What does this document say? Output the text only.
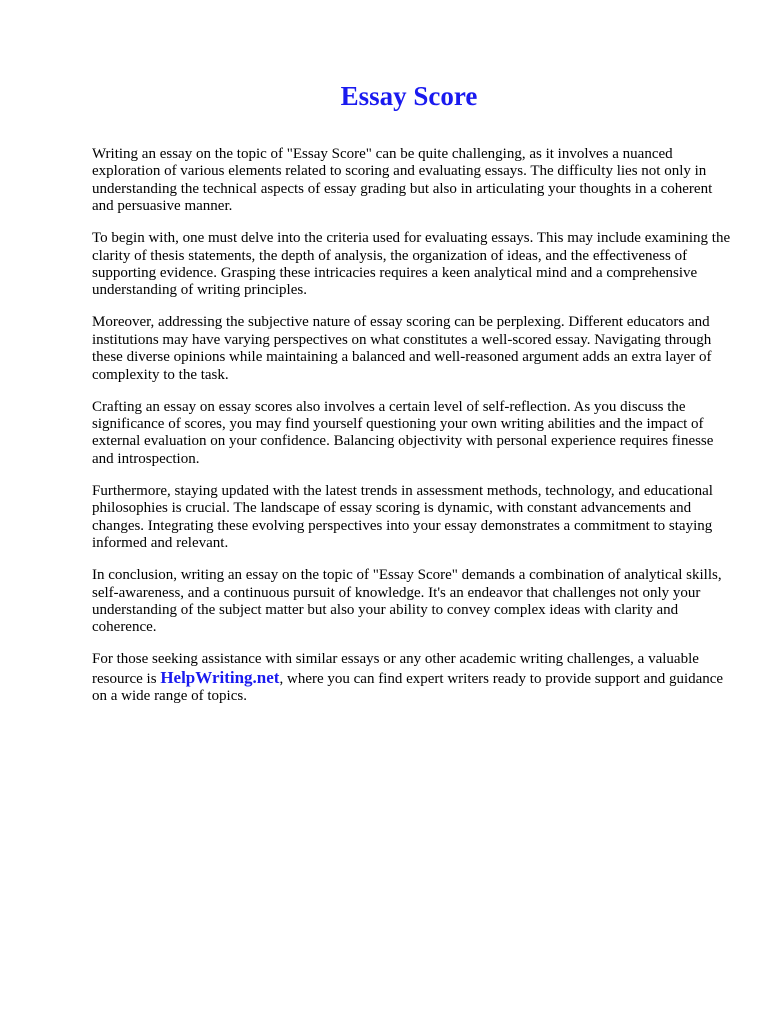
Essay Score

Writing an essay on the topic of "Essay Score" can be quite challenging, as it involves a nuanced exploration of various elements related to scoring and evaluating essays. The difficulty lies not only in understanding the technical aspects of essay grading but also in articulating your thoughts in a coherent and persuasive manner.

To begin with, one must delve into the criteria used for evaluating essays. This may include examining the clarity of thesis statements, the depth of analysis, the organization of ideas, and the effectiveness of supporting evidence. Grasping these intricacies requires a keen analytical mind and a comprehensive understanding of writing principles.

Moreover, addressing the subjective nature of essay scoring can be perplexing. Different educators and institutions may have varying perspectives on what constitutes a well-scored essay. Navigating through these diverse opinions while maintaining a balanced and well-reasoned argument adds an extra layer of complexity to the task.

Crafting an essay on essay scores also involves a certain level of self-reflection. As you discuss the significance of scores, you may find yourself questioning your own writing abilities and the impact of external evaluation on your confidence. Balancing objectivity with personal experience requires finesse and introspection.

Furthermore, staying updated with the latest trends in assessment methods, technology, and educational philosophies is crucial. The landscape of essay scoring is dynamic, with constant advancements and changes. Integrating these evolving perspectives into your essay demonstrates a commitment to staying informed and relevant.

In conclusion, writing an essay on the topic of "Essay Score" demands a combination of analytical skills, self-awareness, and a continuous pursuit of knowledge. It's an endeavor that challenges not only your understanding of the subject matter but also your ability to convey complex ideas with clarity and coherence.

For those seeking assistance with similar essays or any other academic writing challenges, a valuable resource is HelpWriting.net, where you can find expert writers ready to provide support and guidance on a wide range of topics.
